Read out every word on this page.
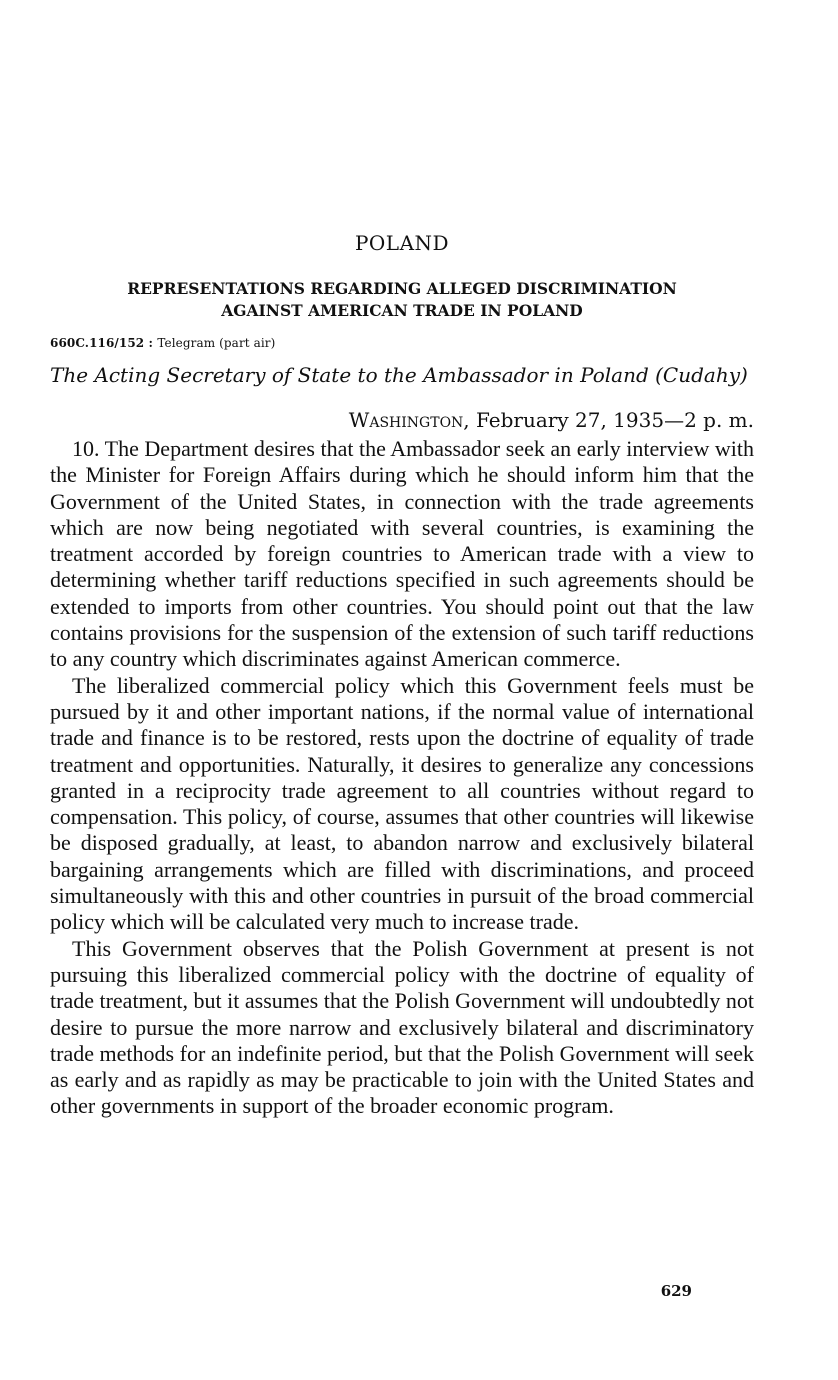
POLAND
REPRESENTATIONS REGARDING ALLEGED DISCRIMINATION
AGAINST AMERICAN TRADE IN POLAND
660C.116/152 : Telegram (part air)
The Acting Secretary of State to the Ambassador in Poland (Cudahy)
Washington, February 27, 1935—2 p. m.

10. The Department desires that the Ambassador seek an early interview with the Minister for Foreign Affairs during which he should inform him that the Government of the United States, in connection with the trade agreements which are now being negotiated with several countries, is examining the treatment accorded by foreign countries to American trade with a view to determining whether tariff reductions specified in such agreements should be extended to imports from other countries. You should point out that the law contains provisions for the suspension of the extension of such tariff reductions to any country which discriminates against American commerce.

The liberalized commercial policy which this Government feels must be pursued by it and other important nations, if the normal value of international trade and finance is to be restored, rests upon the doctrine of equality of trade treatment and opportunities. Naturally, it desires to generalize any concessions granted in a reciprocity trade agreement to all countries without regard to compensation. This policy, of course, assumes that other countries will likewise be disposed gradually, at least, to abandon narrow and exclusively bilateral bargaining arrangements which are filled with discriminations, and proceed simultaneously with this and other countries in pursuit of the broad commercial policy which will be calculated very much to increase trade.

This Government observes that the Polish Government at present is not pursuing this liberalized commercial policy with the doctrine of equality of trade treatment, but it assumes that the Polish Government will undoubtedly not desire to pursue the more narrow and exclusively bilateral and discriminatory trade methods for an indefinite period, but that the Polish Government will seek as early and as rapidly as may be practicable to join with the United States and other governments in support of the broader economic program.

629
